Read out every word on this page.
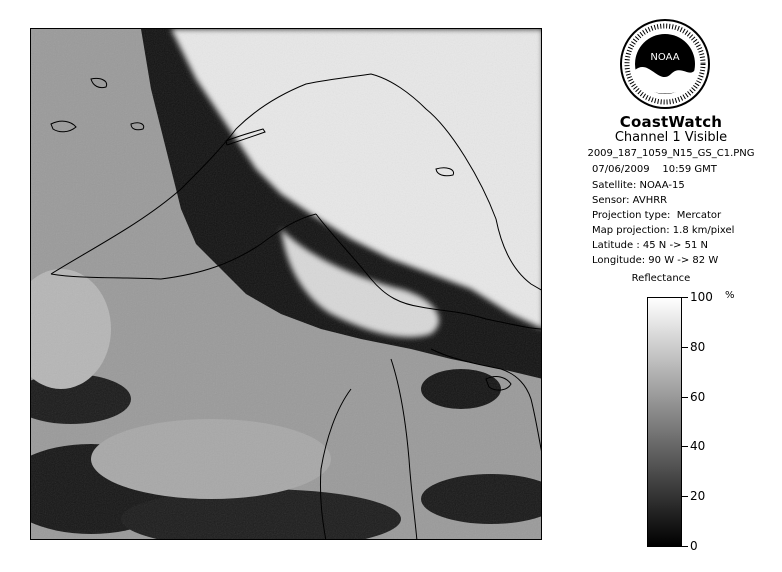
NOAA
CoastWatch
Channel 1 Visible
2009_187_1059_N15_GS_C1.PNG
07/06/2009 10:59 GMT
Satellite: NOAA-15
Sensor: AVHRR
Projection type:  Mercator
Map projection: 1.8 km/pixel
Latitude : 45 N -> 51 N
Longitude: 90 W -> 82 W
Reflectance
%
100
80
60
40
20
0
